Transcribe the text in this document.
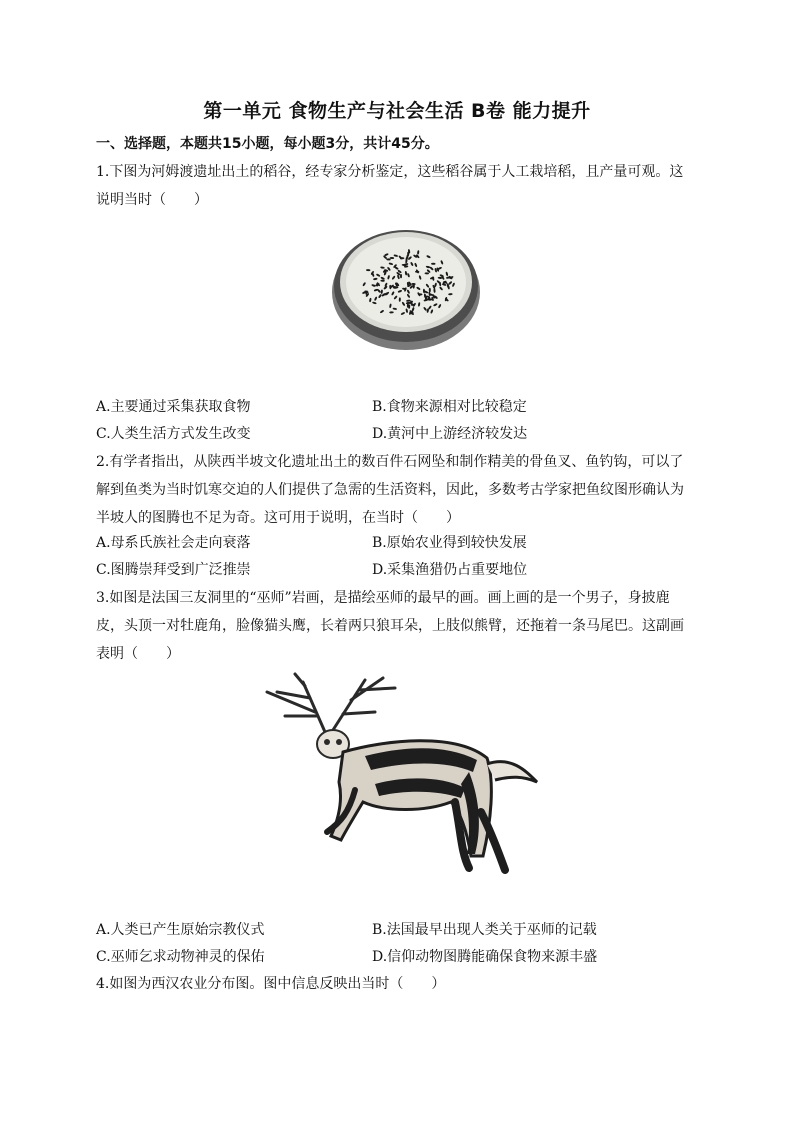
第一单元 食物生产与社会生活 B卷 能力提升
一、选择题，本题共15小题，每小题3分，共计45分。
1.下图为河姆渡遗址出土的稻谷，经专家分析鉴定，这些稻谷属于人工栽培稻，且产量可观。这说明当时（　　）
A.主要通过采集获取食物	B.食物来源相对比较稳定
C.人类生活方式发生改变	D.黄河中上游经济较发达
2.有学者指出，从陕西半坡文化遗址出土的数百件石网坠和制作精美的骨鱼叉、鱼钓钩，可以了解到鱼类为当时饥寒交迫的人们提供了急需的生活资料，因此，多数考古学家把鱼纹图形确认为半坡人的图腾也不足为奇。这可用于说明，在当时（　　）
A.母系氏族社会走向衰落	B.原始农业得到较快发展
C.图腾崇拜受到广泛推崇	D.采集渔猎仍占重要地位
3.如图是法国三友洞里的“巫师”岩画，是描绘巫师的最早的画。画上画的是一个男子，身披鹿皮，头顶一对牡鹿角，脸像猫头鹰，长着两只狼耳朵，上肢似熊臂，还拖着一条马尾巴。这副画表明（　　）
A.人类已产生原始宗教仪式	B.法国最早出现人类关于巫师的记载
C.巫师乞求动物神灵的保佑	D.信仰动物图腾能确保食物来源丰盛
4.如图为西汉农业分布图。图中信息反映出当时（　　）
